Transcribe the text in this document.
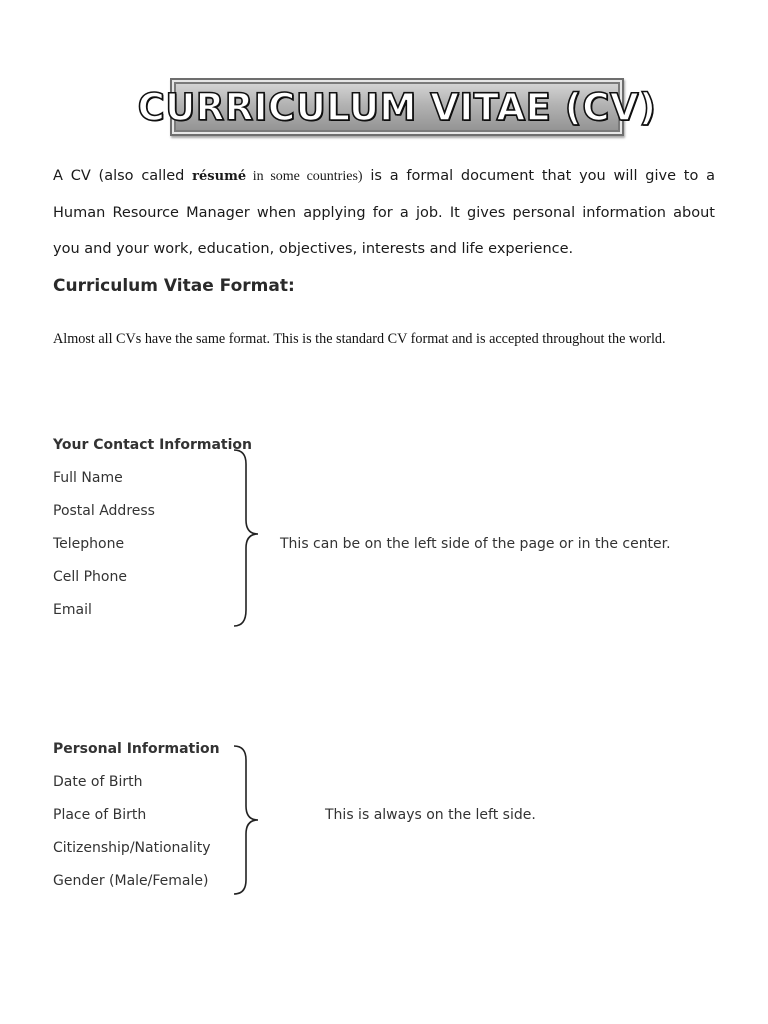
CURRICULUM VITAE (CV)
A CV (also called résumé in some countries) is a formal document that you will give to a
Human Resource Manager when applying for a job. It gives personal information about
you and your work, education, objectives, interests and life experience.

Curriculum Vitae Format:

Almost all CVs have the same format. This is the standard CV format and is accepted throughout the world.

Your Contact Information

Full Name

Postal Address

Telephone

Cell Phone

Email

This can be on the left side of the page or in the center.

Personal Information

Date of Birth

Place of Birth

Citizenship/Nationality

Gender (Male/Female)

This is always on the left side.
